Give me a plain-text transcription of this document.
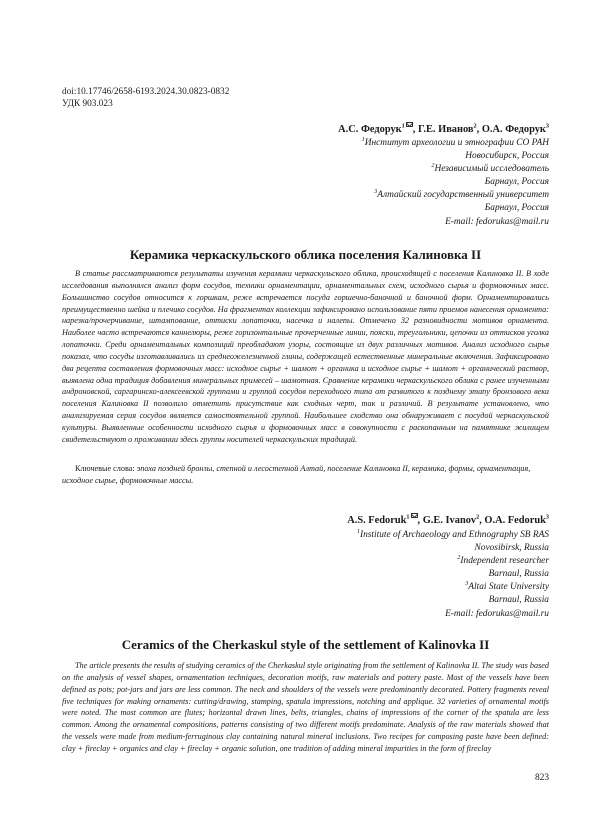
doi:10.17746/2658-6193.2024.30.0823-0832
УДК 903.023
А.С. Федорук$^1$ , Г.Е. Иванов$^2$, О.А. Федорук$^3$
$^1$Институт археологии и этнографии СО РАН
Новосибирск, Россия
$^2$Независимый исследователь
Барнаул, Россия
$^3$Алтайский государственный университет
Барнаул, Россия
E-mail: fedorukas@mail.ru
Керамика черкаскульского облика поселения Калиновка II
В статье рассматриваются результаты изучения керамики черкаскульского облика, происходящей с поселения Калиновка II. В ходе исследования выполнялся анализ форм сосудов, техники орнаментации, орнаментальных схем, исходного сырья и формовочных масс. Большинство сосудов относится к горшкам, реже встречается посуда горшечно-баночной и баночной форм. Орнаментировались преимущественно шейка и плечико сосудов. На фрагментах коллекции зафиксировано использование пяти приемов нанесения орнамента: нарезка/прочерчивание, штампование, оттиски лопаточки, насечка и налепы. Отмечено 32 разновидности мотивов орнамента. Наиболее часто встречаются каннелюры, реже горизонтальные прочерченные линии, пояски, треугольники, цепочки из оттисков уголка лопаточки. Среди орнаментальных композиций преобладают узоры, состоящие из двух различных мотивов. Анализ исходного сырья показал, что сосуды изготавливались из среднеожелезненной глины, содержащей естественные минеральные включения. Зафиксировано два рецепта составления формовочных масс: исходное сырье + шамот + органика и исходное сырье + шамот + органический раствор, выявлена одна традиция добавления минеральных примесей – шамотная. Сравнение керамики черкаскульского облика с ранее изученными андроновской, саргаринско-алексеевской группами и группой сосудов переходного типа от развитого к позднему этапу бронзового века поселения Калиновка II позволило отметить присутствие как сходных черт, так и различий. В результате установлено, что анализируемая серия сосудов является самостоятельной группой. Наибольшее сходство она обнаруживает с посудой черкаскульской культуры. Выявленные особенности исходного сырья и формовочных масс в совокупности с раскопанным на памятнике жилищем свидетельствуют о проживании здесь группы носителей черкаскульских традиций.
Ключевые слова: эпоха поздней бронзы, степной и лесостепной Алтай, поселение Калиновка II, керамика, формы, орнаментация, исходное сырье, формовочные массы.
A.S. Fedoruk$^1$ , G.E. Ivanov$^2$, O.A. Fedoruk$^3$
$^1$Institute of Archaeology and Ethnography SB RAS
Novosibirsk, Russia
$^2$Independent researcher
Barnaul, Russia
$^3$Altai State University
Barnaul, Russia
E-mail: fedorukas@mail.ru
Ceramics of the Cherkaskul style of the settlement of Kalinovka II
The article presents the results of studying ceramics of the Cherkaskul style originating from the settlement of Kalinovka II. The study was based on the analysis of vessel shapes, ornamentation techniques, decoration motifs, raw materials and pottery paste. Most of the vessels have been defined as pots; pot-jars and jars are less common. The neck and shoulders of the vessels were predominantly decorated. Pottery fragments reveal five techniques for making ornaments: cutting/drawing, stamping, spatula impressions, notching and applique. 32 varieties of ornamental motifs were noted. The most common are flutes; horizontal drawn lines, belts, triangles, chains of impressions of the corner of the spatula are less common. Among the ornamental compositions, patterns consisting of two different motifs predominate. Analysis of the raw materials showed that the vessels were made from medium-ferruginous clay containing natural mineral inclusions. Two recipes for composing paste have been defined: clay + fireclay + organics and clay + fireclay + organic solution, one tradition of adding mineral impurities in the form of fireclay
823
